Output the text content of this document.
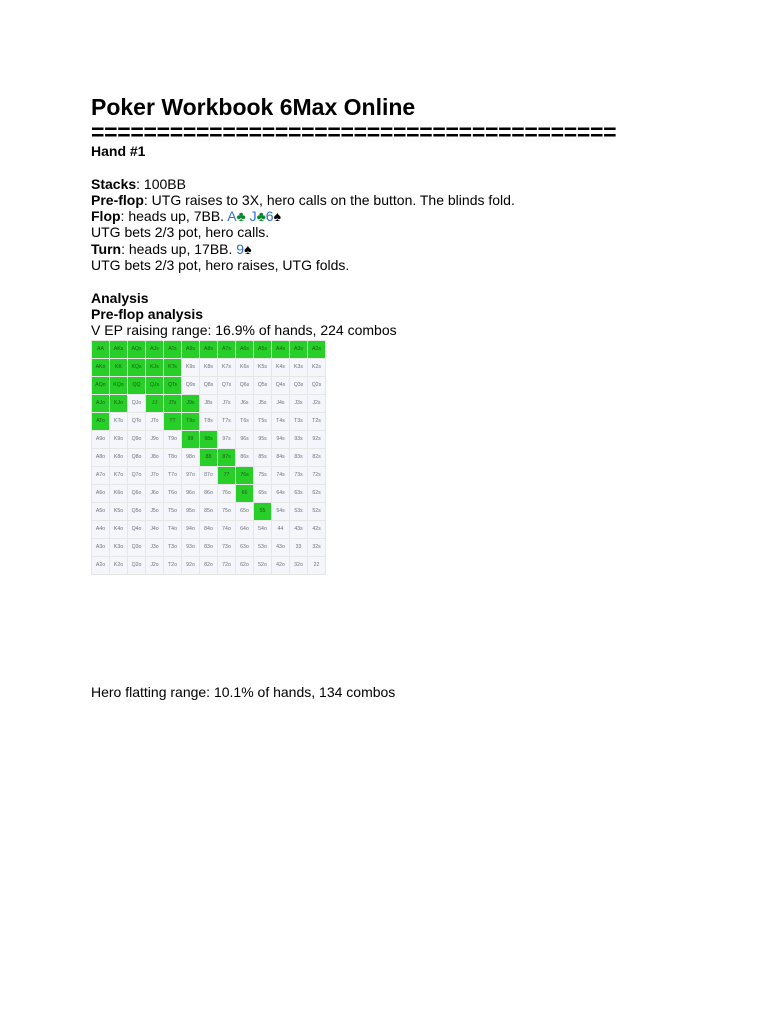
Poker Workbook 6Max Online
========================================
Hand #1
Stacks: 100BB
Pre-flop: UTG raises to 3X, hero calls on the button. The blinds fold.
Flop: heads up, 7BB. A♣ J♣6♠
UTG bets 2/3 pot, hero calls.
Turn: heads up, 17BB. 9♠
UTG bets 2/3 pot, hero raises, UTG folds.
Analysis
Pre-flop analysis
V EP raising range: 16.9% of hands, 224 combos
AA	AKs	AQs	AJs	ATs	A9s	A8s	A7s	A6s	A5s	A4s	A3s	A2s
AKo	KK	KQs	KJs	KTs	K9s	K8s	K7s	K6s	K5s	K4s	K3s	K2s
AQo	KQo	QQ	QJs	QTs	Q9s	Q8s	Q7s	Q6s	Q5s	Q4s	Q3s	Q2s
AJo	KJo	QJo	JJ	JTs	J9s	J8s	J7s	J6s	J5s	J4s	J3s	J2s
ATo	KTo	QTo	JTo	TT	T9s	T8s	T7s	T6s	T5s	T4s	T3s	T2s
A9o	K9o	Q9o	J9o	T9o	99	98s	97s	96s	95s	94s	93s	92s
A8o	K8o	Q8o	J8o	T8o	98o	88	87s	86s	85s	84s	83s	82s
A7o	K7o	Q7o	J7o	T7o	97o	87o	77	76s	75s	74s	73s	72s
A6o	K6o	Q6o	J6o	T6o	96o	86o	76o	66	65s	64s	63s	62s
A5o	K5o	Q5o	J5o	T5o	95o	85o	75o	65o	55	54s	53s	52s
A4o	K4o	Q4o	J4o	T4o	94o	84o	74o	64o	54o	44	43s	42s
A3o	K3o	Q3o	J3o	T3o	93o	83o	73o	63o	53o	43o	33	32s
A2o	K2o	Q2o	J2o	T2o	92o	82o	72o	62o	52o	42o	32o	22
Hero flatting range: 10.1% of hands, 134 combos
